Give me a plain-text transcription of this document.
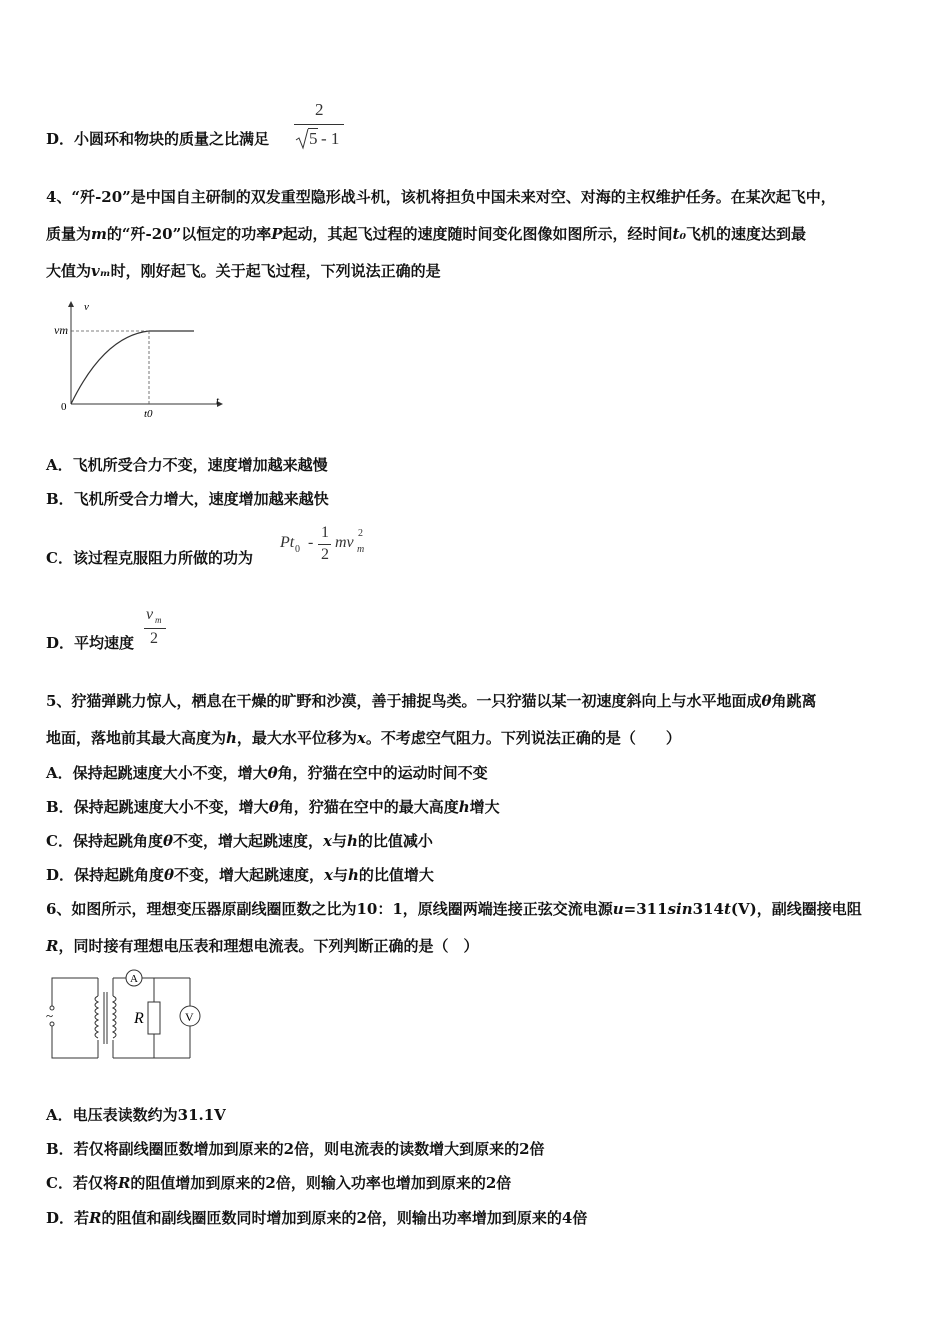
D．小圆环和物块的质量之比满足
2
5 - 1
4、“歼-20”是中国自主研制的双发重型隐形战斗机，该机将担负中国未来对空、对海的主权维护任务。在某次起飞中，
质量为m的“歼-20”以恒定的功率P起动，其起飞过程的速度随时间变化图像如图所示，经时间t₀飞机的速度达到最
大值为vₘ时，刚好起飞。关于起飞过程，下列说法正确的是
v
t
vm
0
t0
A．飞机所受合力不变，速度增加越来越慢
B．飞机所受合力增大，速度增加越来越快
C．该过程克服阻力所做的功为
Pt 0 -
1
2
mv
2
m
D．平均速度
v m
2
5、狞猫弹跳力惊人，栖息在干燥的旷野和沙漠，善于捕捉鸟类。一只狞猫以某一初速度斜向上与水平地面成θ角跳离
地面，落地前其最大高度为h，最大水平位移为x。不考虑空气阻力。下列说法正确的是（　　）
A．保持起跳速度大小不变，增大θ角，狞猫在空中的运动时间不变
B．保持起跳速度大小不变，增大θ角，狞猫在空中的最大高度h增大
C．保持起跳角度θ不变，增大起跳速度，x与h的比值减小
D．保持起跳角度θ不变，增大起跳速度，x与h的比值增大
6、如图所示，理想变压器原副线圈匝数之比为10：1，原线圈两端连接正弦交流电源u=311sin314t(V)，副线圈接电阻
R，同时接有理想电压表和理想电流表。下列判断正确的是（　）
A
V
R
~
A．电压表读数约为31.1V
B．若仅将副线圈匝数增加到原来的2倍，则电流表的读数增大到原来的2倍
C．若仅将R的阻值增加到原来的2倍，则输入功率也增加到原来的2倍
D．若R的阻值和副线圈匝数同时增加到原来的2倍，则输出功率增加到原来的4倍
